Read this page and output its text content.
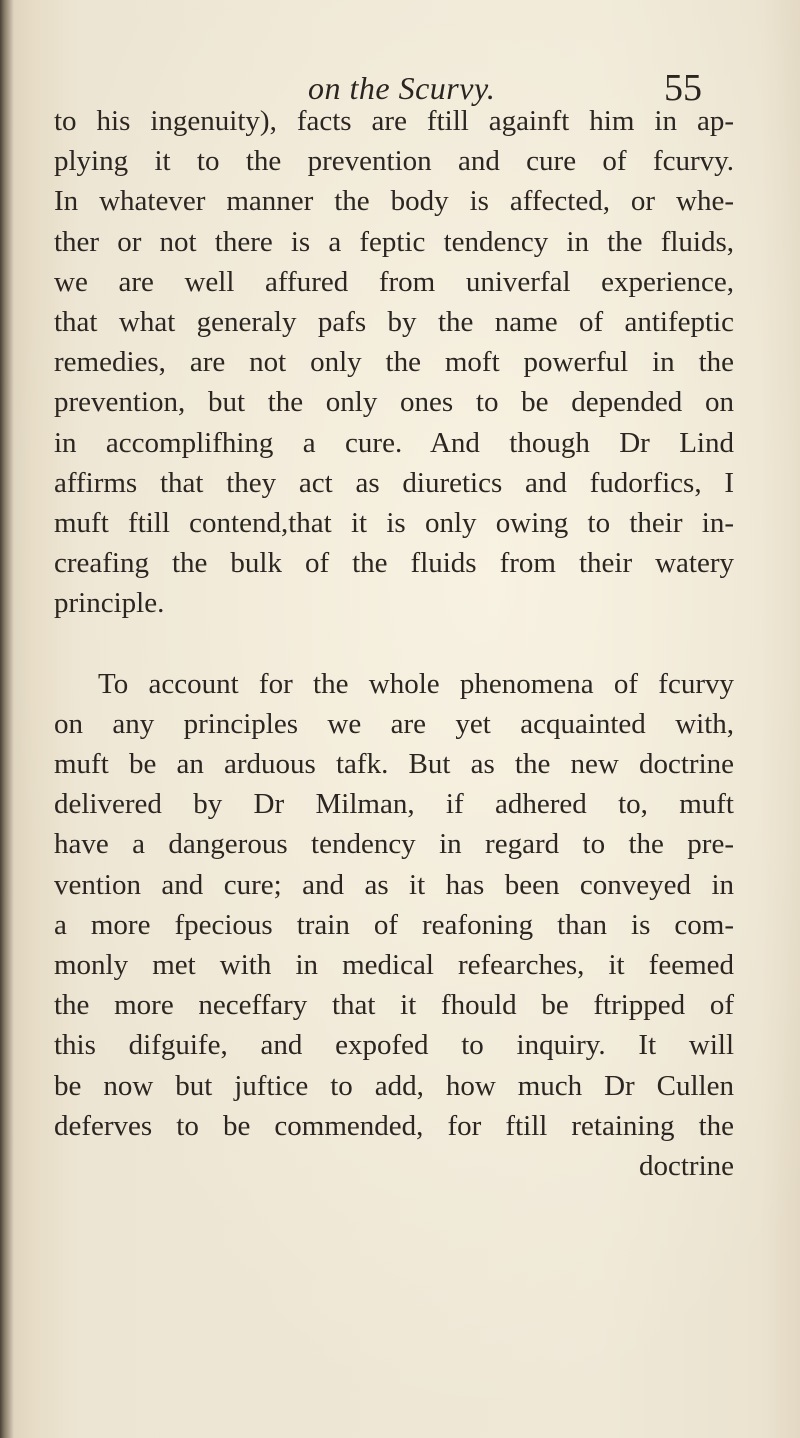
on the Scurvy.	55
to his ingenuity), facts are ftill againft him in ap-
plying it to the prevention and cure of fcurvy.
In whatever manner the body is affected, or whe-
ther or not there is a feptic tendency in the fluids,
we are well affured from univerfal experience,
that what generaly pafs by the name of antifeptic
remedies, are not only the moft powerful in the
prevention, but the only ones to be depended on
in accomplifhing a cure. And though Dr Lind
affirms that they act as diuretics and fudorfics, I
muft ftill contend,that it is only owing to their in-
creafing the bulk of the fluids from their watery
principle.
To account for the whole phenomena of fcurvy
on any principles we are yet acquainted with,
muft be an arduous tafk. But as the new doctrine
delivered by Dr Milman, if adhered to, muft
have a dangerous tendency in regard to the pre-
vention and cure; and as it has been conveyed in
a more fpecious train of reafoning than is com-
monly met with in medical refearches, it feemed
the more neceffary that it fhould be ftripped of
this difguife, and expofed to inquiry. It will
be now but juftice to add, how much Dr Cullen
deferves to be commended, for ftill retaining the
doctrine
